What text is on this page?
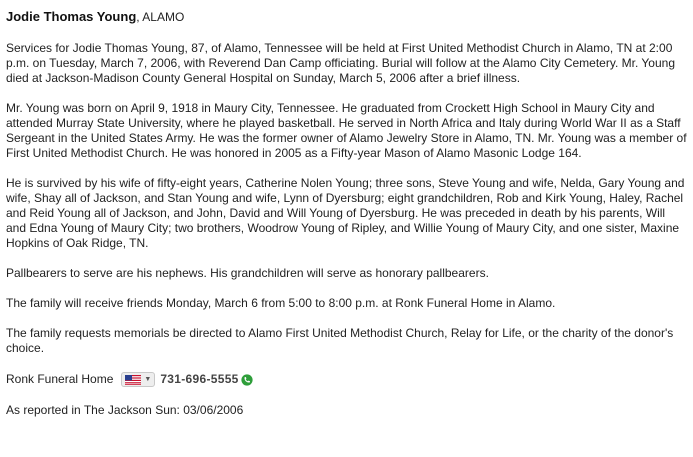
Jodie Thomas Young, ALAMO

Services for Jodie Thomas Young, 87, of Alamo, Tennessee will be held at First United Methodist Church in Alamo, TN at 2:00 p.m. on Tuesday, March 7, 2006, with Reverend Dan Camp officiating. Burial will follow at the Alamo City Cemetery. Mr. Young died at Jackson-Madison County General Hospital on Sunday, March 5, 2006 after a brief illness.

Mr. Young was born on April 9, 1918 in Maury City, Tennessee. He graduated from Crockett High School in Maury City and attended Murray State University, where he played basketball. He served in North Africa and Italy during World War II as a Staff Sergeant in the United States Army. He was the former owner of Alamo Jewelry Store in Alamo, TN. Mr. Young was a member of First United Methodist Church. He was honored in 2005 as a Fifty-year Mason of Alamo Masonic Lodge 164.

He is survived by his wife of fifty-eight years, Catherine Nolen Young; three sons, Steve Young and wife, Nelda, Gary Young and wife, Shay all of Jackson, and Stan Young and wife, Lynn of Dyersburg; eight grandchildren, Rob and Kirk Young, Haley, Rachel and Reid Young all of Jackson, and John, David and Will Young of Dyersburg. He was preceded in death by his parents, Will and Edna Young of Maury City; two brothers, Woodrow Young of Ripley, and Willie Young of Maury City, and one sister, Maxine Hopkins of Oak Ridge, TN.

Pallbearers to serve are his nephews. His grandchildren will serve as honorary pallbearers.

The family will receive friends Monday, March 6 from 5:00 to 8:00 p.m. at Ronk Funeral Home in Alamo.

The family requests memorials be directed to Alamo First United Methodist Church, Relay for Life, or the charity of the donor's choice.

Ronk Funeral Home	▼ 731-696-5555

As reported in The Jackson Sun: 03/06/2006
